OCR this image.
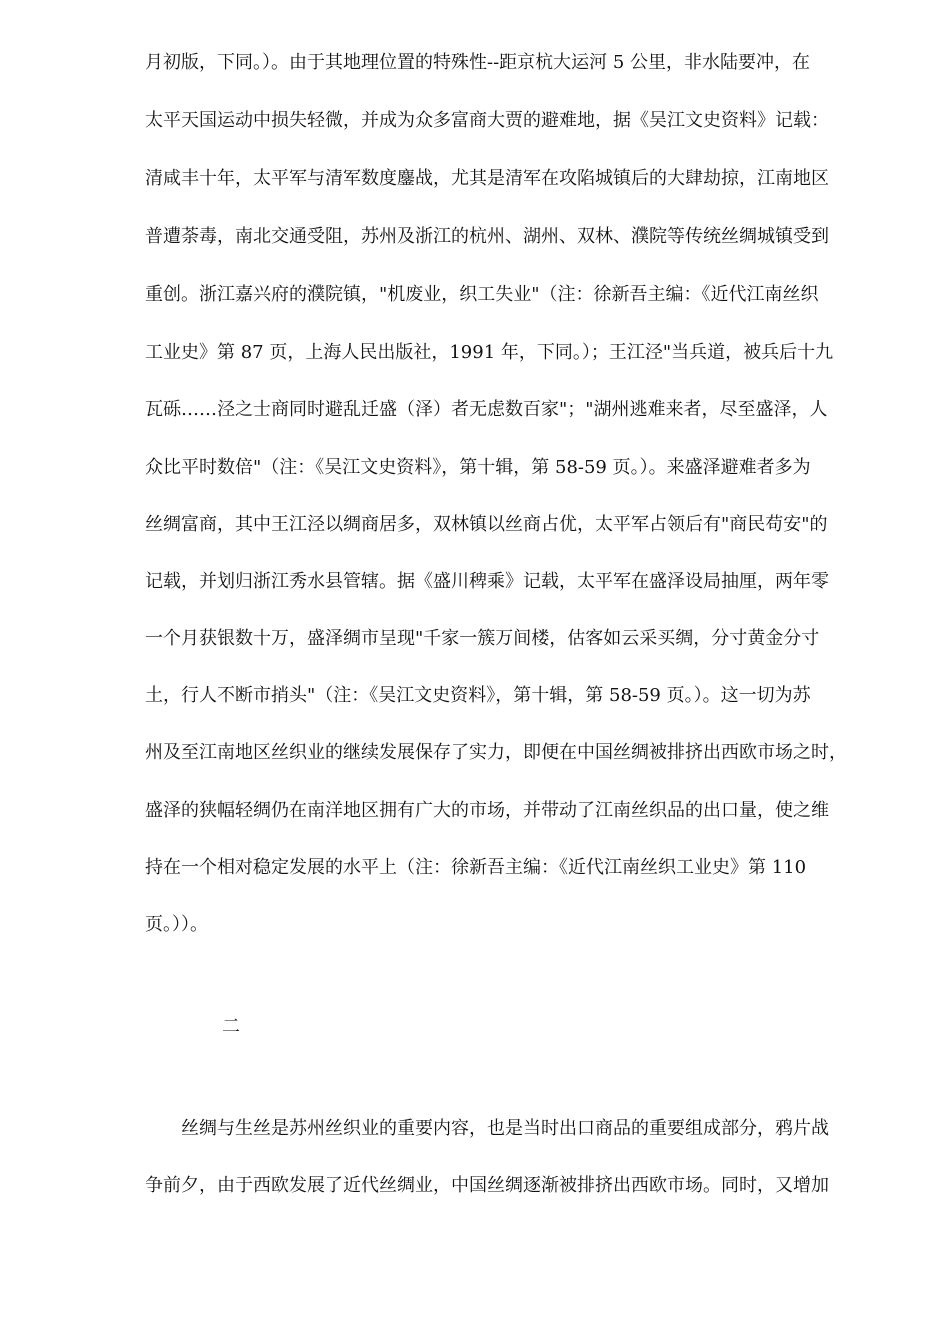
月初版，下同。）。由于其地理位置的特殊性--距京杭大运河 5 公里，非水陆要冲，在

太平天国运动中损失轻微，并成为众多富商大贾的避难地，据《吴江文史资料》记载：

清咸丰十年，太平军与清军数度鏖战，尤其是清军在攻陷城镇后的大肆劫掠，江南地区

普遭荼毒，南北交通受阻，苏州及浙江的杭州、湖州、双林、濮院等传统丝绸城镇受到

重创。浙江嘉兴府的濮院镇，"机废业，织工失业"（注：徐新吾主编：《近代江南丝织

工业史》第 87 页，上海人民出版社，1991 年，下同。）；王江泾"当兵道，被兵后十九

瓦砾……泾之士商同时避乱迁盛（泽）者无虑数百家"；"湖州逃难来者，尽至盛泽，人

众比平时数倍"（注：《吴江文史资料》，第十辑，第 58-59 页。）。来盛泽避难者多为

丝绸富商，其中王江泾以绸商居多，双林镇以丝商占优，太平军占领后有"商民苟安"的

记载，并划归浙江秀水县管辖。据《盛川稗乘》记载，太平军在盛泽设局抽厘，两年零

一个月获银数十万，盛泽绸市呈现"千家一簇万间楼，估客如云采买绸，分寸黄金分寸

土，行人不断市捎头"（注：《吴江文史资料》，第十辑，第 58-59 页。）。这一切为苏

州及至江南地区丝织业的继续发展保存了实力，即便在中国丝绸被排挤出西欧市场之时，

盛泽的狭幅轻绸仍在南洋地区拥有广大的市场，并带动了江南丝织品的出口量，使之维

持在一个相对稳定发展的水平上（注：徐新吾主编：《近代江南丝织工业史》第 110

页。））。

二

丝绸与生丝是苏州丝织业的重要内容，也是当时出口商品的重要组成部分，鸦片战

争前夕，由于西欧发展了近代丝绸业，中国丝绸逐渐被排挤出西欧市场。同时，又增加
